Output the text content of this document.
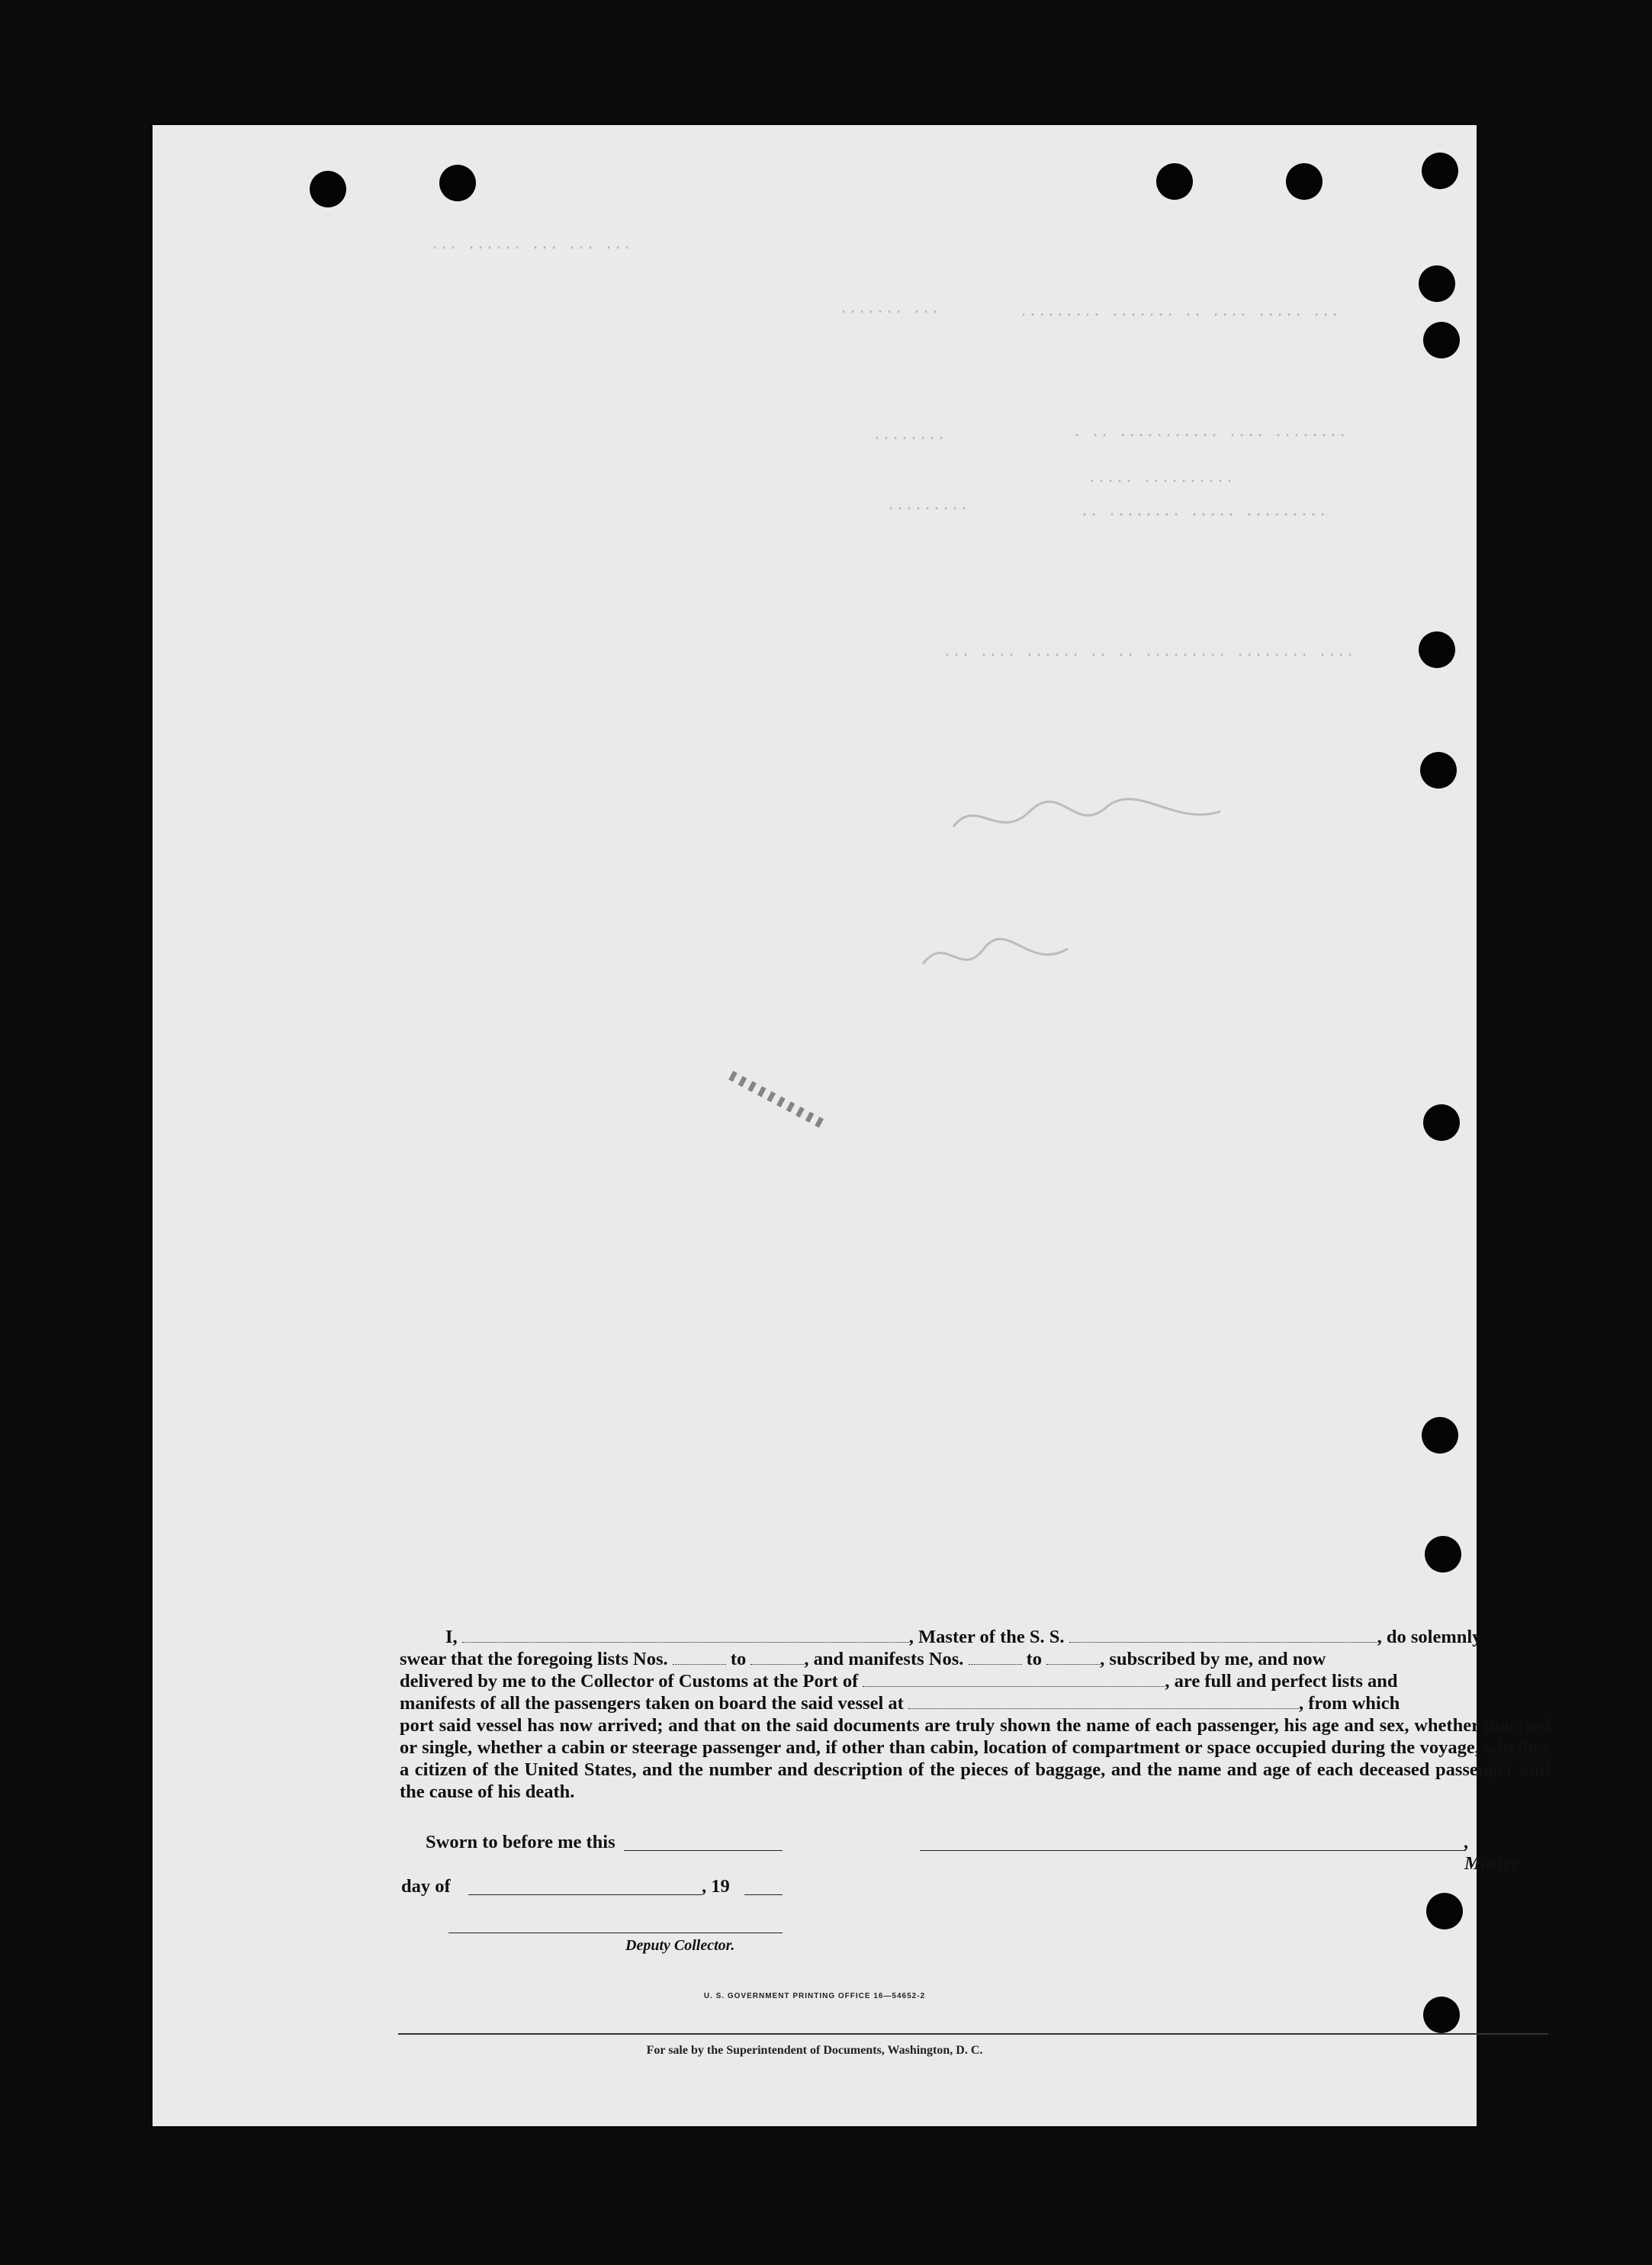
··· ··· ··· ······ ···
··· ·······	··· ····· ···· ·· ······· ·········
········ ···· ··········· ·· ·
·········· ·····
········· ····· ········ ··
········
·········
···· ········ ········· ·· ·· ······ ···· ···
▮▮▮▮▮▮▮▮▮▮

I,	, Master of the S. S.	, do solemnly

swear that the foregoing lists Nos.	to	, and manifests Nos.	to	, subscribed by me, and now

delivered by me to the Collector of Customs at the Port of	, are full and perfect lists and

manifests of all the passengers taken on board the said vessel at	, from which

port said vessel has now arrived; and that on the said documents are truly shown the name of each passenger, his age and sex, whether married or single, whether a cabin or steerage passenger and, if other than cabin, location of compartment or space occupied during the voyage, whether a citizen of the United States, and the number and description of the pieces of baggage, and the name and age of each deceased passenger and the cause of his death.

Sworn to before me this	, Master
day of	, 19
Deputy Collector.
U. S. GOVERNMENT PRINTING OFFICE 16—54652-2
For sale by the Superintendent of Documents, Washington, D. C.
